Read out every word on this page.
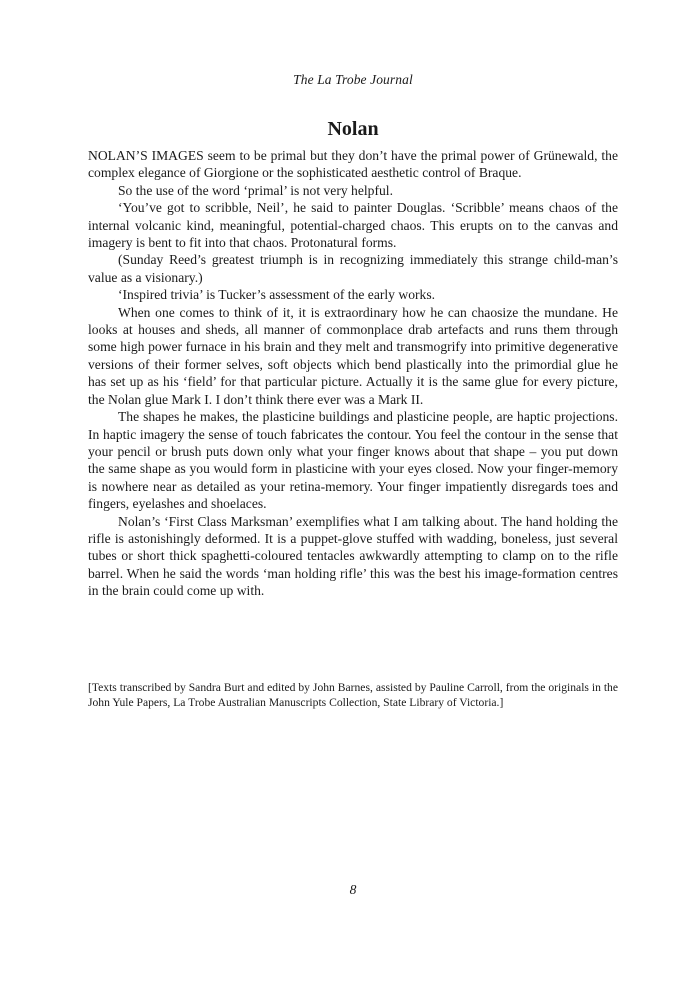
The La Trobe Journal
Nolan

NOLAN’S IMAGES seem to be primal but they don’t have the primal power of Grünewald, the complex elegance of Giorgione or the sophisticated aesthetic control of Braque.

So the use of the word ‘primal’ is not very helpful.

‘You’ve got to scribble, Neil’, he said to painter Douglas. ‘Scribble’ means chaos of the internal volcanic kind, meaningful, potential-charged chaos. This erupts on to the canvas and imagery is bent to fit into that chaos. Protonatural forms.

(Sunday Reed’s greatest triumph is in recognizing immediately this strange child-man’s value as a visionary.)

‘Inspired trivia’ is Tucker’s assessment of the early works.

When one comes to think of it, it is extraordinary how he can chaosize the mundane. He looks at houses and sheds, all manner of commonplace drab artefacts and runs them through some high power furnace in his brain and they melt and transmogrify into primitive degenerative versions of their former selves, soft objects which bend plastically into the primordial glue he has set up as his ‘field’ for that particular picture. Actually it is the same glue for every picture, the Nolan glue Mark I. I don’t think there ever was a Mark II.

The shapes he makes, the plasticine buildings and plasticine people, are haptic projections. In haptic imagery the sense of touch fabricates the contour. You feel the contour in the sense that your pencil or brush puts down only what your finger knows about that shape – you put down the same shape as you would form in plasticine with your eyes closed. Now your finger-memory is nowhere near as detailed as your retina-memory. Your finger impatiently disregards toes and fingers, eyelashes and shoelaces.

Nolan’s ‘First Class Marksman’ exemplifies what I am talking about. The hand holding the rifle is astonishingly deformed. It is a puppet-glove stuffed with wadding, boneless, just several tubes or short thick spaghetti-coloured tentacles awkwardly attempting to clamp on to the rifle barrel. When he said the words ‘man holding rifle’ this was the best his image-formation centres in the brain could come up with.

[Texts transcribed by Sandra Burt and edited by John Barnes, assisted by Pauline Carroll, from the originals in the John Yule Papers, La Trobe Australian Manuscripts Collection, State Library of Victoria.]

8
